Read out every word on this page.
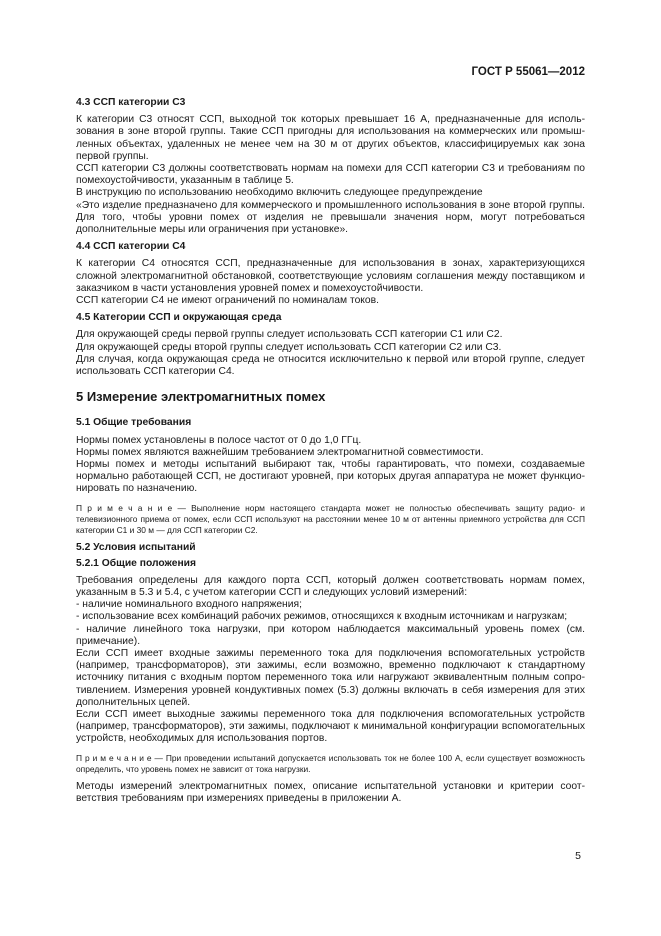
ГОСТ Р 55061—2012
4.3 ССП категории С3

К категории С3 относят ССП, выходной ток которых превышает 16 А, предназначенные для использования в зоне второй группы. Такие ССП пригодны для использования на коммерческих или промышленных объектах, удаленных не менее чем на 30 м от других объектов, классифицируемых как зона первой группы.

ССП категории С3 должны соответствовать нормам на помехи для ССП категории С3 и требованиям по помехоустойчивости, указанным в таблице 5.

В инструкцию по использованию необходимо включить следующее предупреждение

«Это изделие предназначено для коммерческого и промышленного использования в зоне второй группы. Для того, чтобы уровни помех от изделия не превышали значения норм, могут потребоваться дополнительные меры или ограничения при установке».

4.4 ССП категории С4

К категории С4 относятся ССП, предназначенные для использования в зонах, характеризующихся сложной электромагнитной обстановкой, соответствующие условиям соглашения между поставщиком и заказчиком в части установления уровней помех и помехоустойчивости.

ССП категории С4 не имеют ограничений по номиналам токов.

4.5 Категории ССП и окружающая среда

Для окружающей среды первой группы следует использовать ССП категории С1 или С2.

Для окружающей среды второй группы следует использовать ССП категории С2 или С3.

Для случая, когда окружающая среда не относится исключительно к первой или второй группе, следует использовать ССП категории С4.

5 Измерение электромагнитных помех
5.1 Общие требования

Нормы помех установлены в полосе частот от 0 до 1,0 ГГц.

Нормы помех являются важнейшим требованием электромагнитной совместимости.

Нормы помех и методы испытаний выбирают так, чтобы гарантировать, что помехи, создаваемые нормально работающей ССП, не достигают уровней, при которых другая аппаратура не может функционировать по назначению.

П р и м е ч а н и е — Выполнение норм настоящего стандарта может не полностью обеспечивать защиту радио- и телевизионного приема от помех, если ССП используют на расстоянии менее 10 м от антенны приемного устройства для ССП категории С1 и 30 м — для ССП категории С2.

5.2 Условия испытаний
5.2.1 Общие положения

Требования определены для каждого порта ССП, который должен соответствовать нормам помех, указанным в 5.3 и 5.4, с учетом категории ССП и следующих условий измерений:

- наличие номинального входного напряжения;

- использование всех комбинаций рабочих режимов, относящихся к входным источникам и нагрузкам;

- наличие линейного тока нагрузки, при котором наблюдается максимальный уровень помех (см. примечание).

Если ССП имеет входные зажимы переменного тока для подключения вспомогательных устройств (например, трансформаторов), эти зажимы, если возможно, временно подключают к стандартному источнику питания с входным портом переменного тока или нагружают эквивалентным полным сопротивлением. Измерения уровней кондуктивных помех (5.3) должны включать в себя измерения для этих дополнительных цепей.

Если ССП имеет выходные зажимы переменного тока для подключения вспомогательных устройств (например, трансформаторов), эти зажимы, подключают к минимальной конфигурации вспомогательных устройств, необходимых для использования портов.

П р и м е ч а н и е — При проведении испытаний допускается использовать ток не более 100 А, если существует возможность определить, что уровень помех не зависит от тока нагрузки.

Методы измерений электромагнитных помех, описание испытательной установки и критерии соответствия требованиям при измерениях приведены в приложении А.

5
